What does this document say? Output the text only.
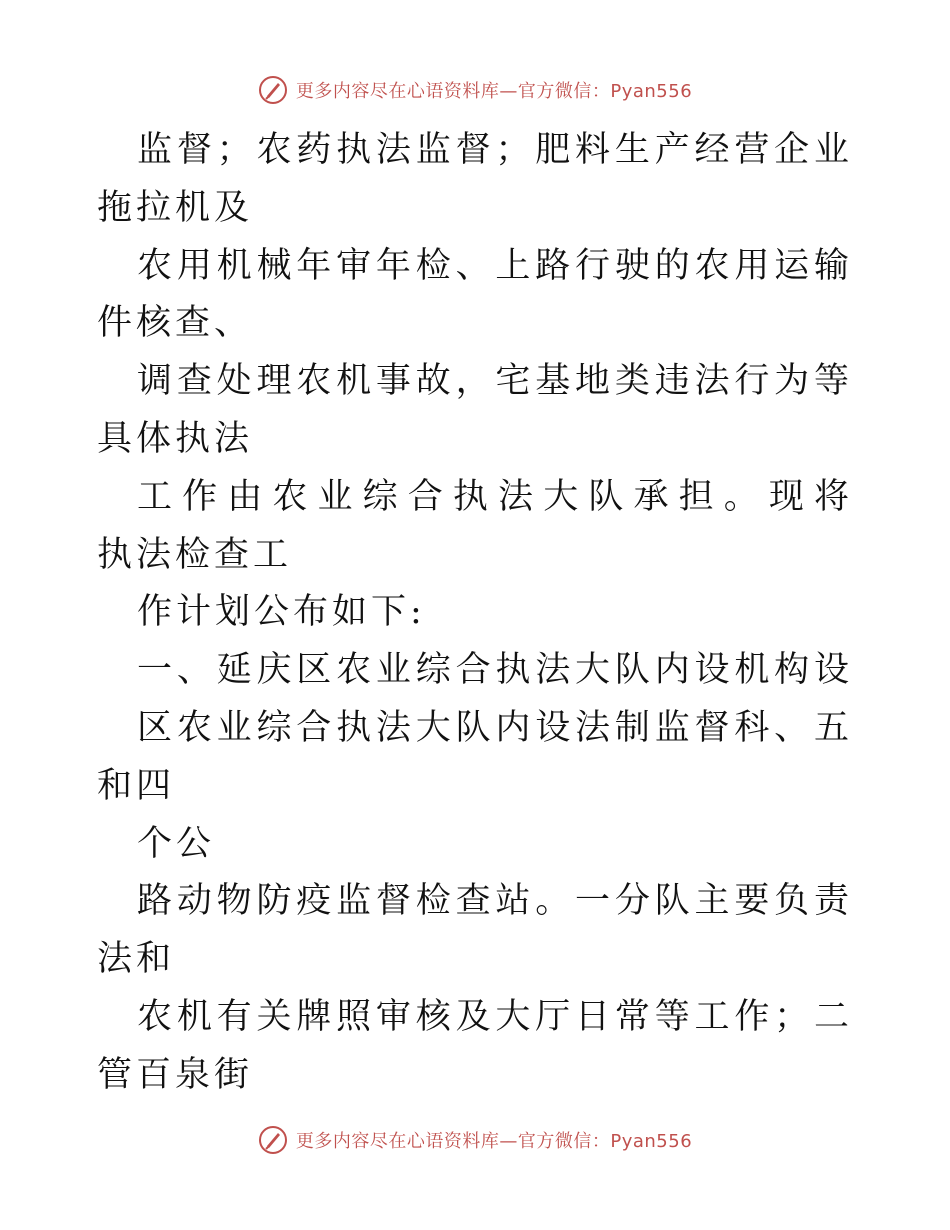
更多内容尽在心语资料库—官方微信：Pyan556
监督；农药执法监督；肥料生产经营企业
拖拉机及
农用机械年审年检、上路行驶的农用运输
件核查、
调查处理农机事故，宅基地类违法行为等
具体执法
工作由农业综合执法大队承担。现将
执法检查工
作计划公布如下:
一、延庆区农业综合执法大队内设机构设
区农业综合执法大队内设法制监督科、五
和四
个公
路动物防疫监督检查站。一分队主要负责
法和
农机有关牌照审核及大厅日常等工作；二
管百泉街
更多内容尽在心语资料库—官方微信：Pyan556
